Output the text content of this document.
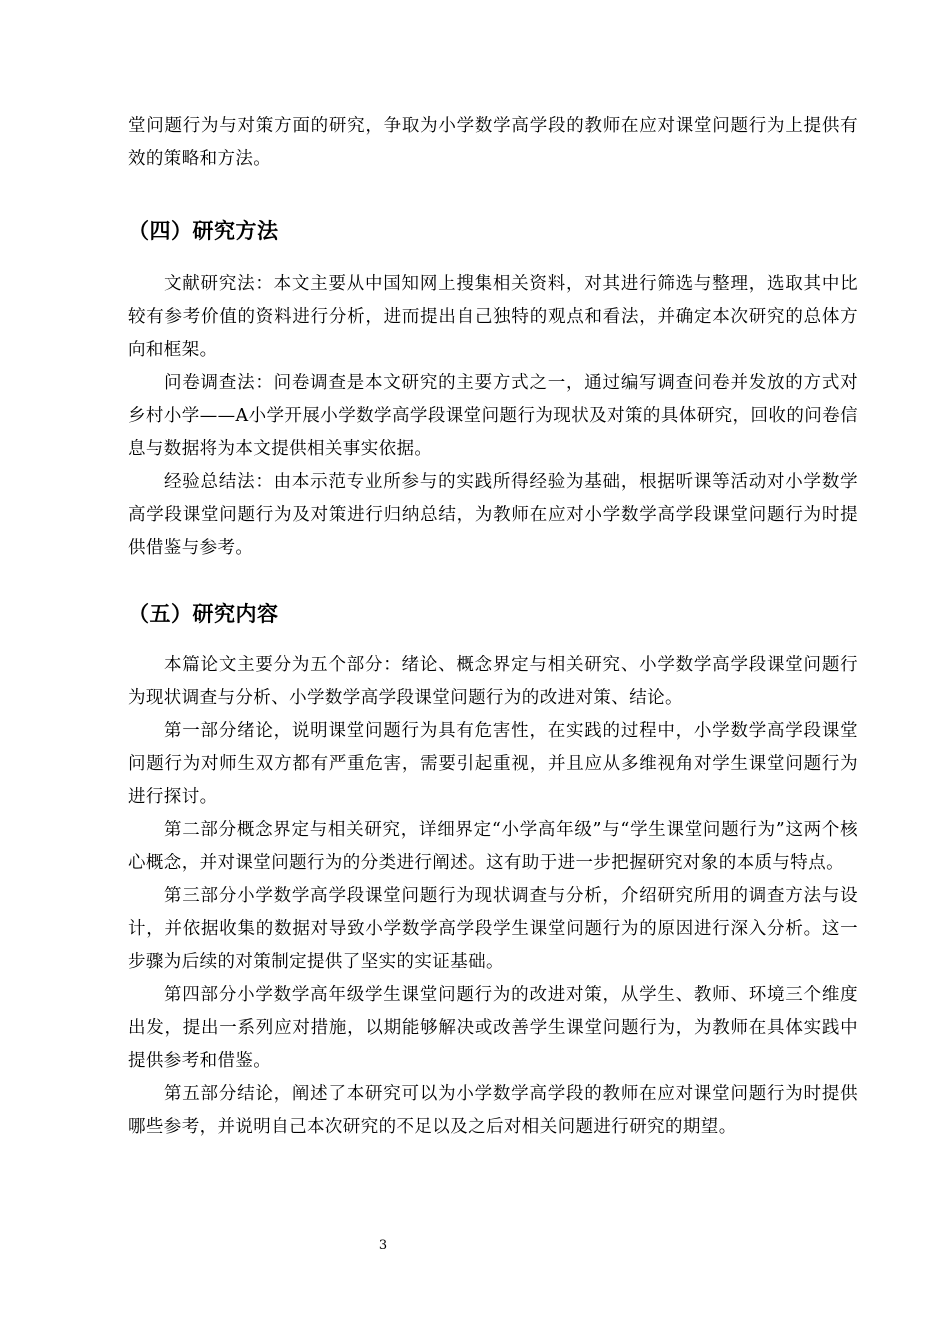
堂问题行为与对策方面的研究，争取为小学数学高学段的教师在应对课堂问题行为上提供有效的策略和方法。

（四）研究方法

文献研究法：本文主要从中国知网上搜集相关资料，对其进行筛选与整理，选取其中比较有参考价值的资料进行分析，进而提出自己独特的观点和看法，并确定本次研究的总体方向和框架。

问卷调查法：问卷调查是本文研究的主要方式之一，通过编写调查问卷并发放的方式对乡村小学——A小学开展小学数学高学段课堂问题行为现状及对策的具体研究，回收的问卷信息与数据将为本文提供相关事实依据。

经验总结法：由本示范专业所参与的实践所得经验为基础，根据听课等活动对小学数学高学段课堂问题行为及对策进行归纳总结，为教师在应对小学数学高学段课堂问题行为时提供借鉴与参考。

（五）研究内容

本篇论文主要分为五个部分：绪论、概念界定与相关研究、小学数学高学段课堂问题行为现状调查与分析、小学数学高学段课堂问题行为的改进对策、结论。

第一部分绪论，说明课堂问题行为具有危害性，在实践的过程中，小学数学高学段课堂问题行为对师生双方都有严重危害，需要引起重视，并且应从多维视角对学生课堂问题行为进行探讨。

第二部分概念界定与相关研究，详细界定“小学高年级”与“学生课堂问题行为”这两个核心概念，并对课堂问题行为的分类进行阐述。这有助于进一步把握研究对象的本质与特点。

第三部分小学数学高学段课堂问题行为现状调查与分析，介绍研究所用的调查方法与设计，并依据收集的数据对导致小学数学高学段学生课堂问题行为的原因进行深入分析。这一步骤为后续的对策制定提供了坚实的实证基础。

第四部分小学数学高年级学生课堂问题行为的改进对策，从学生、教师、环境三个维度出发，提出一系列应对措施，以期能够解决或改善学生课堂问题行为，为教师在具体实践中提供参考和借鉴。

第五部分结论，阐述了本研究可以为小学数学高学段的教师在应对课堂问题行为时提供哪些参考，并说明自己本次研究的不足以及之后对相关问题进行研究的期望。

3
